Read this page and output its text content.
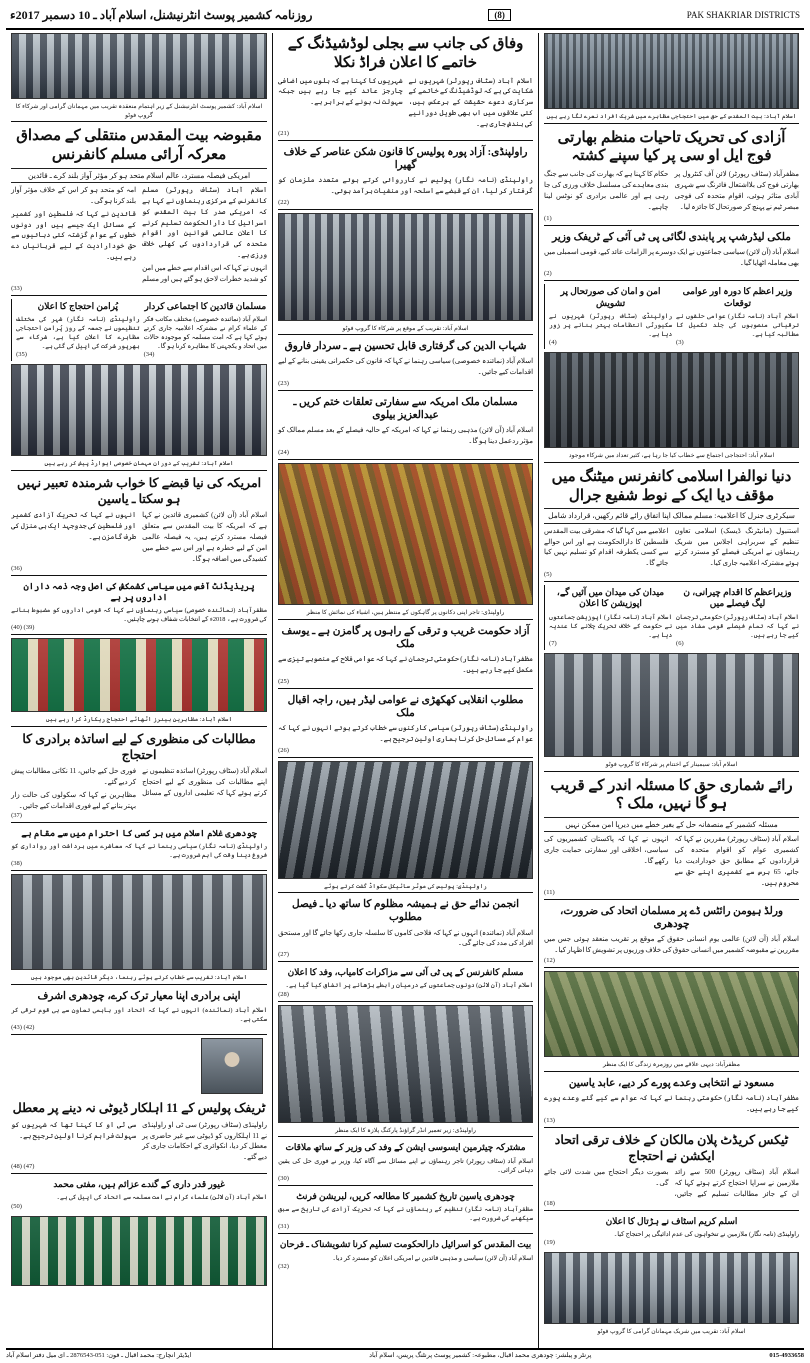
PAK SHAKRIAR DISTRICTS
(8)
روزنامہ کشمیر پوسٹ انٹرنیشنل، اسلام آباد ـ 10 دسمبر 2017ء
اسلام آباد: بیت المقدس کے حق میں احتجاجی مظاہرے میں شریک افراد نعرے لگا رہے ہیں
آزادی کی تحریک تاحیات منظم بھارتی فوج ایل او سی پر کیا سپنے کشتہ

مظفرآباد (سٹاف رپورٹر) لائن آف کنٹرول پر بھارتی فوج کی بلااشتعال فائرنگ سے شہری آبادی متاثر ہوئی، اقوام متحدہ کی فوجی مبصر ٹیم نے پہنچ کر صورتحال کا جائزہ لیا۔

حکام کا کہنا ہے کہ بھارت کی جانب سے جنگ بندی معاہدے کی مسلسل خلاف ورزی کی جا رہی ہے اور عالمی برادری کو نوٹس لینا چاہیے۔

(1)
ملکی لیڈرشپ پر پابندی لگائی پی ٹی آئی کے ٹریفک وزیر

اسلام آباد (آن لائن) سیاسی جماعتوں نے ایک دوسرے پر الزامات عائد کیے، قومی اسمبلی میں بھی معاملہ اٹھایا گیا۔

(2)
وزیر اعظم کا دورہ اور عوامی توقعات
اسلام آباد (نامہ نگار) عوامی حلقوں نے ترقیاتی منصوبوں کی جلد تکمیل کا مطالبہ کیا ہے۔
(3)
امن و امان کی صورتحال پر تشویش
راولپنڈی (سٹاف رپورٹر) شہریوں نے سکیورٹی انتظامات بہتر بنانے پر زور دیا ہے۔
(4)
اسلام آباد: احتجاجی اجتماع سے خطاب کیا جا رہا ہے، کثیر تعداد میں شرکاء موجود
دنیا نوالفرا اسلامی کانفرنس میٹنگ میں مؤقف دیا ایک کے نوط شفیع جرال
سیکرٹری جنرل کا اعلامیہ: مسلم ممالک اپنا اتفاق رائے قائم رکھیں، قرارداد شامل

استنبول (مانیٹرنگ ڈیسک) اسلامی تعاون تنظیم کے سربراہی اجلاس میں شریک رہنماؤں نے امریکی فیصلے کو مسترد کرتے ہوئے مشترکہ اعلامیہ جاری کیا۔

اعلامیے میں کہا گیا کہ مشرقی بیت المقدس فلسطین کا دارالحکومت ہے اور اس حوالے سے کسی یکطرفہ اقدام کو تسلیم نہیں کیا جائے گا۔

(5)
وزیراعظم کا اقدام چیرانی، ن لیگ فیصلے میں
اسلام آباد (سٹاف رپورٹر) حکومتی ترجمان نے کہا کہ تمام فیصلے قومی مفاد میں کیے جا رہے ہیں۔
(6)
میدان کی میدان میں آئیں گے، اپوزیشن کا اعلان
اسلام آباد (نامہ نگار) اپوزیشن جماعتوں نے حکومت کے خلاف تحریک چلانے کا عندیہ دیا ہے۔
(7)
اسلام آباد: سیمینار کے اختتام پر شرکاء کا گروپ فوٹو
رائے شماری حق کا مسئلہ اندر کے قریب ہو گا نہیں، ملک ؟
مسئلہ کشمیر کے منصفانہ حل کے بغیر خطے میں دیرپا امن ممکن نہیں

اسلام آباد (سٹاف رپورٹر) مقررین نے کہا کہ کشمیری عوام کو اقوام متحدہ کی قراردادوں کے مطابق حق خودارادیت دیا جائے، 65 برس سے کشمیری اپنے حق سے محروم ہیں۔

انہوں نے کہا کہ پاکستان کشمیریوں کی سیاسی، اخلاقی اور سفارتی حمایت جاری رکھے گا۔

(11)
ورلڈ ہیومن رائٹس ڈے پر مسلمان اتحاد کی ضرورت، چودھری

اسلام آباد (آن لائن) عالمی یوم انسانی حقوق کے موقع پر تقریب منعقد ہوئی جس میں مقررین نے مقبوضہ کشمیر میں انسانی حقوق کی خلاف ورزیوں پر تشویش کا اظہار کیا۔

(12)
مظفرآباد: دیہی علاقے میں روزمرہ زندگی کا ایک منظر
مسعود نے انتخابی وعدے پورے کر دیے، عابد یاسین

مظفرآباد (نامہ نگار) حکومتی رہنما نے کہا کہ عوام سے کیے گئے وعدے پورے کیے جا رہے ہیں۔

(13)
ٹیکس کریڈٹ پلان مالکان کے خلاف ترقی اتحاد ایکشن نے احتجاج

اسلام آباد (سٹاف رپورٹر) 500 سے زائد ملازمین نے سراپا احتجاج کرتے ہوئے کہا کہ ان کے جائز مطالبات تسلیم کیے جائیں، بصورت دیگر احتجاج میں شدت لائی جائے گی۔

(18)
اسلم کریم اسٹاف نے ہڑتال کا اعلان
راولپنڈی (نامہ نگار) ملازمین نے تنخواہوں کی عدم ادائیگی پر احتجاج کیا۔
(19)
اسلام آباد: تقریب میں شریک مہمانان گرامی کا گروپ فوٹو
وفاق کی جانب سے بجلی لوڈشیڈنگ کے خاتمے کا اعلان فراڈ نکلا

اسلام آباد (سٹاف رپورٹر) شہریوں نے شکایت کی ہے کہ لوڈشیڈنگ کے خاتمے کے سرکاری دعوے حقیقت کے برعکس ہیں، کئی علاقوں میں اب بھی طویل دورانیے کی بندش جاری ہے۔

شہریوں کا کہنا ہے کہ بلوں میں اضافی چارجز عائد کیے جا رہے ہیں جبکہ سہولت نہ ہونے کے برابر ہے۔

(21)
راولپنڈی: آزاد پورہ پولیس کا قانون شکن عناصر کے خلاف گھیرا

راولپنڈی (نامہ نگار) پولیس نے کارروائی کرتے ہوئے متعدد ملزمان کو گرفتار کر لیا، ان کے قبضے سے اسلحہ اور منشیات برآمد ہوئی۔

(22)
اسلام آباد: تقریب کے موقع پر شرکاء کا گروپ فوٹو
شہاب الدین کی گرفتاری قابل تحسین ہے ـ سردار فاروق

اسلام آباد (نمائندہ خصوصی) سیاسی رہنما نے کہا کہ قانون کی حکمرانی یقینی بنانے کے لیے اقدامات کیے جائیں۔

(23)
مسلمان ملک امریکہ سے سفارتی تعلقات ختم کریں ـ عبدالعزیز بیلوی

اسلام آباد (آن لائن) مذہبی رہنما نے کہا کہ امریکہ کے حالیہ فیصلے کے بعد مسلم ممالک کو مؤثر ردعمل دینا ہو گا۔

(24)
راولپنڈی: تاجر اپنی دکانوں پر گاہکوں کے منتظر ہیں، اشیاء کی نمائش کا منظر
آزاد حکومت غریب و ترقی کے راہوں پر گامزن ہے ـ یوسف ملک

مظفرآباد (نامہ نگار) حکومتی ترجمان نے کہا کہ عوامی فلاح کے منصوبے تیزی سے مکمل کیے جا رہے ہیں۔

(25)
مطلوب انقلابی کھکھڑی نے عوامی لیڈر ہیں، راجہ اقبال ملک

راولپنڈی (سٹاف رپورٹر) سیاسی کارکنوں سے خطاب کرتے ہوئے انہوں نے کہا کہ عوام کے مسائل حل کرنا ہماری اولین ترجیح ہے۔

(26)
راولپنڈی: پولیس کی موٹر سائیکل سکواڈ گشت کرتے ہوئے
انجمن ندائے حق نے ہمیشہ مظلوم کا ساتھ دیا ـ فیصل مطلوب

اسلام آباد (نمائندہ) انہوں نے کہا کہ فلاحی کاموں کا سلسلہ جاری رکھا جائے گا اور مستحق افراد کی مدد کی جائے گی۔

(27)
مسلم کانفرنس کے پی ٹی آئی سے مزاکرات کامیاب، وفد کا اعلان
اسلام آباد (آن لائن) دونوں جماعتوں کے درمیان رابطے بڑھانے پر اتفاق کیا گیا ہے۔
(28)
راولپنڈی: زیر تعمیر انڈر گراؤنڈ پارکنگ پلازہ کا ایک منظر
مشترکہ چیئرمین ایسوسی ایشن کے وفد کی وزیر کے ساتھ ملاقات
اسلام آباد (سٹاف رپورٹر) تاجر رہنماؤں نے اپنے مسائل سے آگاہ کیا، وزیر نے فوری حل کی یقین دہانی کرائی۔
(30)
چودھری یاسین تاریخ کشمیر کا مطالعہ کریں، لبریشن فرنٹ
مظفرآباد (نامہ نگار) تنظیم کے رہنماؤں نے کہا کہ تحریک آزادی کی تاریخ سے سبق سیکھنے کی ضرورت ہے۔
(31)
بیت المقدس کو اسرائیل دارالحکومت تسلیم کرنا تشویشناک ـ فرحان
اسلام آباد (آن لائن) سیاسی و مذہبی قائدین نے امریکی اعلان کو مسترد کر دیا۔
(32)
اسلام آباد: کشمیر پوسٹ انٹرنیشنل کے زیر اہتمام منعقدہ تقریب میں مہمانان گرامی اور شرکاء کا گروپ فوٹو
مقبوضہ بیت المقدس منتقلی کے مصداق معرکہ آرائی مسلم کانفرنس
امریکی فیصلہ مسترد، عالم اسلام متحد ہو کر مؤثر آواز بلند کرے ـ قائدین

اسلام آباد (سٹاف رپورٹر) مسلم کانفرنس کے مرکزی رہنماؤں نے کہا ہے کہ امریکی صدر کا بیت المقدس کو اسرائیل کا دارالحکومت تسلیم کرنے کا اعلان عالمی قوانین اور اقوام متحدہ کی قراردادوں کی کھلی خلاف ورزی ہے۔

انہوں نے کہا کہ اس اقدام سے خطے میں امن کو شدید خطرات لاحق ہو گئے ہیں اور مسلم امہ کو متحد ہو کر اس کے خلاف مؤثر آواز بلند کرنا ہو گی۔

قائدین نے کہا کہ فلسطین اور کشمیر کے مسائل ایک جیسے ہیں اور دونوں خطوں کے عوام گزشتہ کئی دہائیوں سے حق خودارادیت کے لیے قربانیاں دے رہے ہیں۔

(33)
مسلمان قائدین کا اجتماعی کردار
اسلام آباد (نمائندہ خصوصی) مختلف مکاتب فکر کے علماء کرام نے مشترکہ اعلامیہ جاری کرتے ہوئے کہا ہے کہ امت مسلمہ کو موجودہ حالات میں اتحاد و یکجہتی کا مظاہرہ کرنا ہو گا۔
(34)
پُرامن احتجاج کا اعلان
راولپنڈی (نامہ نگار) شہر کی مختلف تنظیموں نے جمعہ کے روز پُرامن احتجاجی مظاہرے کا اعلان کیا ہے، شرکاء سے بھرپور شرکت کی اپیل کی گئی ہے۔
(35)
اسلام آباد: تقریب کے دوران مہمان خصوصی ایوارڈ پیش کر رہے ہیں
امریکہ کی نیا قبضے کا خواب شرمندہ تعبیر نہیں ہو سکتا ـ یاسین

اسلام آباد (آن لائن) کشمیری قائدین نے کہا ہے کہ امریکہ کا بیت المقدس سے متعلق فیصلہ مسترد کرتے ہیں، یہ فیصلہ عالمی امن کے لیے خطرہ ہے اور اس سے خطے میں کشیدگی میں اضافہ ہو گا۔

انہوں نے کہا کہ تحریک آزادی کشمیر اور فلسطین کی جدوجہد ایک ہی منزل کی طرف گامزن ہے۔

(36)
پریذیڈنٹ آفس میں سیاسی کشمکش کی اصل وجہ ذمہ داران اداروں پر ہے
مظفرآباد (نمائندہ خصوصی) سیاسی رہنماؤں نے کہا کہ قومی اداروں کو مضبوط بنانے کی ضرورت ہے، 2018ء کے انتخابات شفاف ہونے چاہئیں۔
(39) (40)
اسلام آباد: مظاہرین بینرز اٹھائے احتجاج ریکارڈ کرا رہے ہیں
مطالبات کی منظوری کے لیے اساتذہ برادری کا احتجاج

اسلام آباد (سٹاف رپورٹر) اساتذہ تنظیموں نے اپنے مطالبات کی منظوری کے لیے احتجاج کرتے ہوئے کہا کہ تعلیمی اداروں کے مسائل فوری حل کیے جائیں، 11 نکاتی مطالبات پیش کر دیے گئے۔

مظاہرین نے کہا کہ سکولوں کی حالت زار بہتر بنانے کے لیے فوری اقدامات کیے جائیں۔

(37)
چودھری غلام اسلام میں ہر کسی کا احترام میں سے مقام ہے
راولپنڈی (نامہ نگار) سیاسی رہنما نے کہا کہ معاشرے میں برداشت اور رواداری کو فروغ دینا وقت کی اہم ضرورت ہے۔
(38)
اسلام آباد: تقریب سے خطاب کرتے ہوئے رہنما، دیگر قائدین بھی موجود ہیں
اپنی برادری اپنا معیار ترک کرے، چودھری اشرف
اسلام آباد (نمائندہ) انہوں نے کہا کہ اتحاد اور باہمی تعاون سے ہی قوم ترقی کر سکتی ہے۔
(42) (43)
ٹریفک پولیس کے 11 اہلکار ڈیوٹی نہ دینے پر معطل

راولپنڈی (سٹاف رپورٹر) سی ٹی او راولپنڈی نے 11 اہلکاروں کو ڈیوٹی سے غیر حاضری پر معطل کر دیا، انکوائری کے احکامات جاری کر دیے گئے۔

سی ٹی او کا کہنا تھا کہ شہریوں کو سہولت فراہم کرنا اولین ترجیح ہے۔

(47) (48)
غیور قدر داری کے گندے عزائم ہیں، مفتی محمد
اسلام آباد (آن لائن) علماء کرام نے امت مسلمہ سے اتحاد کی اپیل کی ہے۔
(50)
015-4933658
پرنٹر و پبلشر: چودھری محمد اقبال، مطبوعہ: کشمیر پوسٹ پرنٹنگ پریس، اسلام آباد
ایڈیٹر انچارج: محمد اقبال ـ فون: 051-2876543 ـ ای میل دفتر اسلام آباد
